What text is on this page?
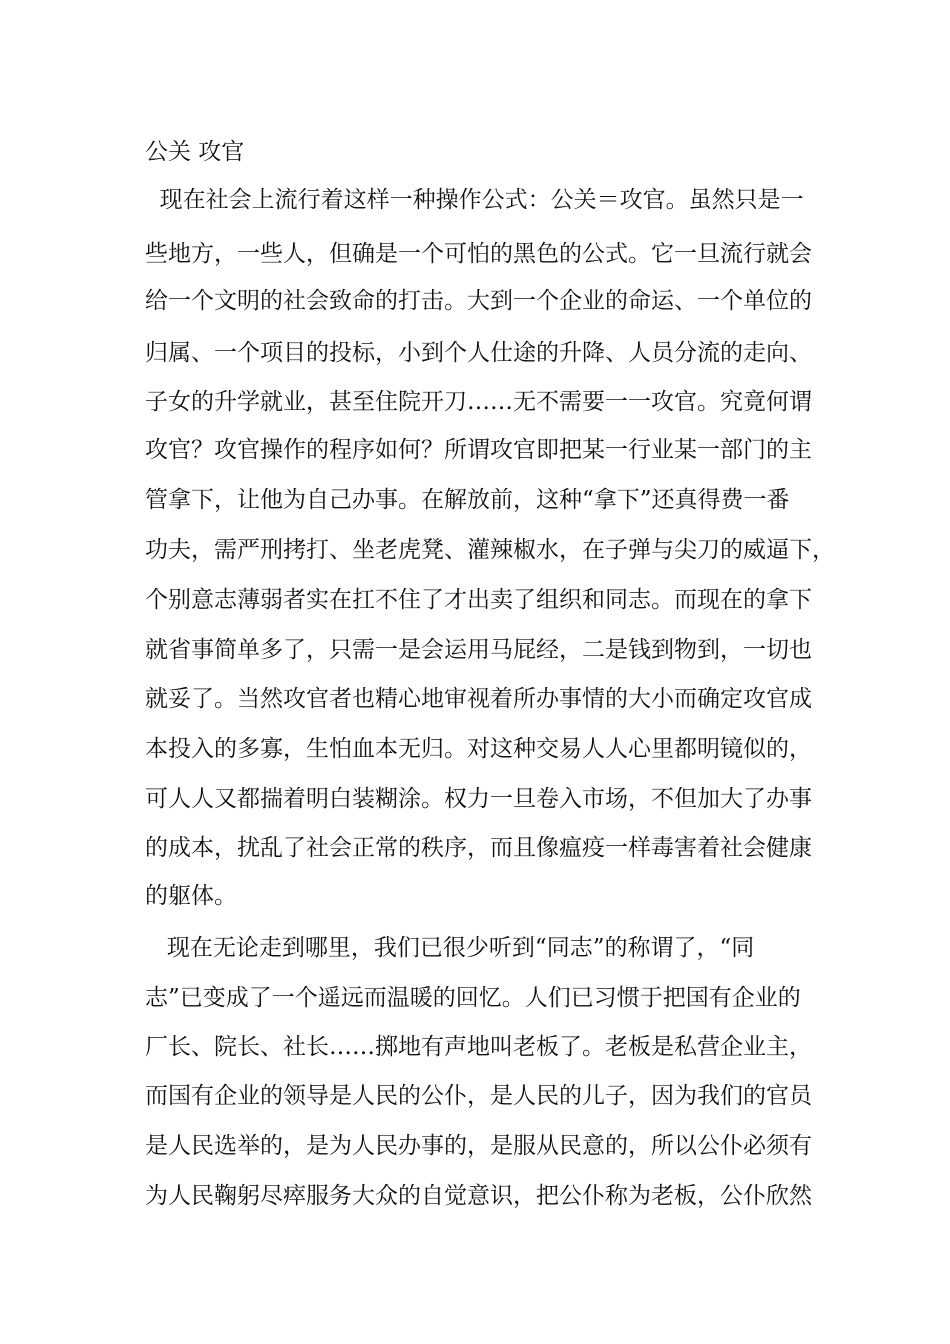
公关 攻官

现在社会上流行着这样一种操作公式：公关＝攻官。虽然只是一

些地方，一些人，但确是一个可怕的黑色的公式。它一旦流行就会

给一个文明的社会致命的打击。大到一个企业的命运、一个单位的

归属、一个项目的投标，小到个人仕途的升降、人员分流的走向、

子女的升学就业，甚至住院开刀……无不需要一一攻官。究竟何谓

攻官？攻官操作的程序如何？所谓攻官即把某一行业某一部门的主

管拿下，让他为自己办事。在解放前，这种“拿下”还真得费一番

功夫，需严刑拷打、坐老虎凳、灌辣椒水，在子弹与尖刀的威逼下，

个别意志薄弱者实在扛不住了才出卖了组织和同志。而现在的拿下

就省事简单多了，只需一是会运用马屁经，二是钱到物到，一切也

就妥了。当然攻官者也精心地审视着所办事情的大小而确定攻官成

本投入的多寡，生怕血本无归。对这种交易人人心里都明镜似的，

可人人又都揣着明白装糊涂。权力一旦卷入市场，不但加大了办事

的成本，扰乱了社会正常的秩序，而且像瘟疫一样毒害着社会健康

的躯体。

现在无论走到哪里，我们已很少听到“同志”的称谓了，“同

志”已变成了一个遥远而温暖的回忆。人们已习惯于把国有企业的

厂长、院长、社长……掷地有声地叫老板了。老板是私营企业主，

而国有企业的领导是人民的公仆，是人民的儿子，因为我们的官员

是人民选举的，是为人民办事的，是服从民意的，所以公仆必须有

为人民鞠躬尽瘁服务大众的自觉意识，把公仆称为老板，公仆欣然
